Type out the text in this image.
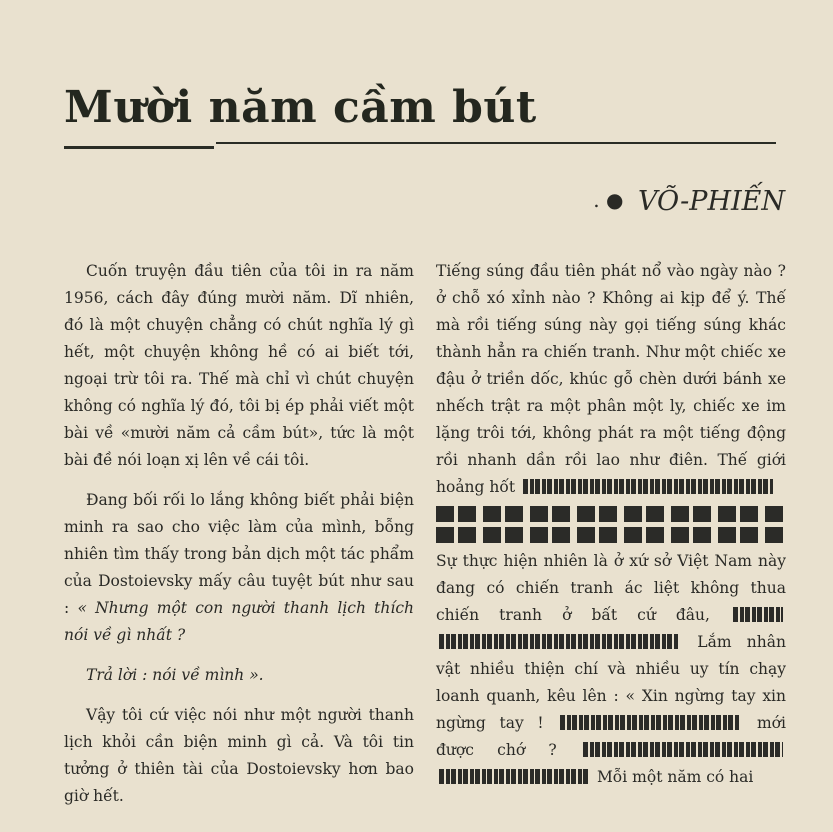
Mười năm cầm bút
. ● VÕ-PHIẾN

Cuốn truyện đầu tiên của tôi in ra năm 1956, cách đây đúng mười năm. Dĩ nhiên, đó là một chuyện chẳng có chút nghĩa lý gì hết, một chuyện không hề có ai biết tới, ngoại trừ tôi ra. Thế mà chỉ vì chút chuyện không có nghĩa lý đó, tôi bị ép phải viết một bài về «mười năm cả cầm bút», tức là một bài đề nói loạn xị lên về cái tôi.

Đang bối rối lo lắng không biết phải biện minh ra sao cho việc làm của mình, bỗng nhiên tìm thấy trong bản dịch một tác phẩm của Dostoievsky mấy câu tuyệt bút như sau : « Nhưng một con người thanh lịch thích nói về gì nhất ?

Trả lời : nói về mình ».

Vậy tôi cứ việc nói như một người thanh lịch khỏi cần biện minh gì cả. Và tôi tin tưởng ở thiên tài của Dostoievsky hơn bao giờ hết.

Tiếng súng đầu tiên phát nổ vào ngày nào ? ở chỗ xó xỉnh nào ? Không ai kịp để ý. Thế mà rồi tiếng súng này gọi tiếng súng khác thành hẳn ra chiến tranh. Như một chiếc xe đậu ở triền dốc, khúc gỗ chèn dưới bánh xe nhếch trật ra một phân một ly, chiếc xe im lặng trôi tới, không phát ra một tiếng động rồi nhanh dần rồi lao như điên. Thế giới hoảng hốt

Sự thực hiện nhiên là ở xứ sở Việt Nam này đang có chiến tranh ác liệt không thua chiến tranh ở bất cứ đâu,   Lắm nhân vật nhiều thiện chí và nhiều uy tín chạy loanh quanh, kêu lên : « Xin ngừng tay xin ngừng tay !	mới được chớ ?   Mỗi một năm có hai
